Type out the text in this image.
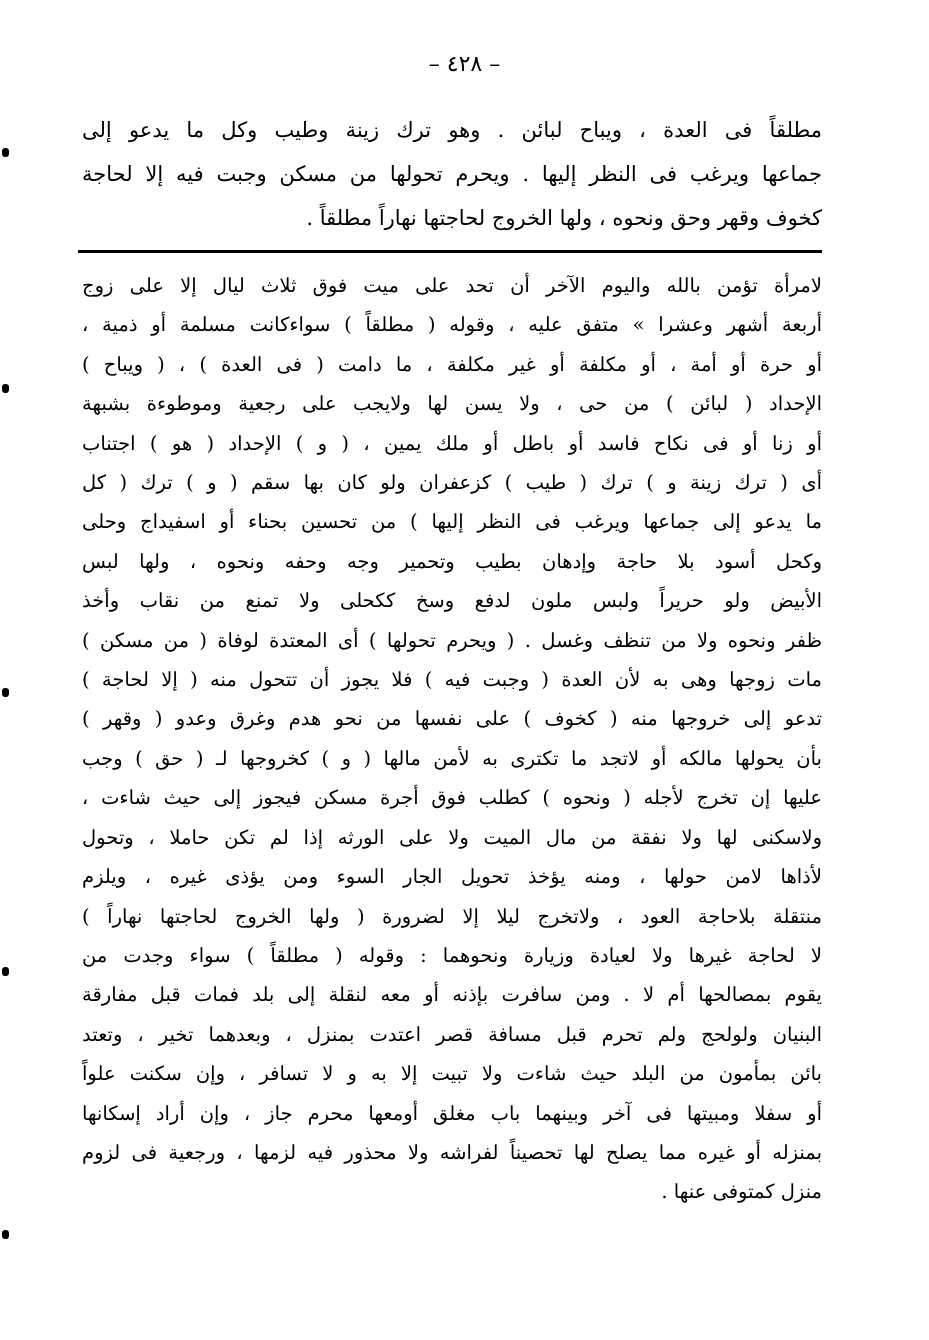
– ٤٢٨ –
مطلقاً فى العدة ، ويباح لبائن . وهو ترك زينة وطيب وكل ما يدعو إلى
جماعها ويرغب فى النظر إليها . ويحرم تحولها من مسكن وجبت فيه إلا لحاجة
كخوف وقهر وحق ونحوه ، ولها الخروج لحاجتها نهاراً مطلقاً .
لامرأة تؤمن بالله واليوم الآخر أن تحد على ميت فوق ثلاث ليال إلا على زوج
أربعة أشهر وعشرا » متفق عليه ، وقوله ( مطلقاً ) سواءكانت مسلمة أو ذمية ،
أو حرة أو أمة ، أو مكلفة أو غير مكلفة ، ما دامت ( فى العدة ) ، ( ويباح )
الإحداد ( لبائن ) من حى ، ولا يسن لها ولايجب على رجعية وموطوءة بشبهة
أو زنا أو فى نكاح فاسد أو باطل أو ملك يمين ، ( و ) الإحداد ( هو ) اجتناب
أى ( ترك زينة و ) ترك ( طيب ) كزعفران ولو كان بها سقم ( و ) ترك ( كل
ما يدعو إلى جماعها ويرغب فى النظر إليها ) من تحسين بحناء أو اسفيداج وحلى
وكحل أسود بلا حاجة وإدهان بطيب وتحمير وجه وحفه ونحوه ، ولها لبس
الأبيض ولو حريراً ولبس ملون لدفع وسخ ككحلى ولا تمنع من نقاب وأخذ
ظفر ونحوه ولا من تنظف وغسل . ( ويحرم تحولها ) أى المعتدة لوفاة ( من مسكن )
مات زوجها وهى به لأن العدة ( وجبت فيه ) فلا يجوز أن تتحول منه ( إلا لحاجة )
تدعو إلى خروجها منه ( كخوف ) على نفسها من نحو هدم وغرق وعدو ( وقهر )
بأن يحولها مالكه أو لاتجد ما تكترى به لأمن مالها ( و ) كخروجها لـ ( حق ) وجب
عليها إن تخرج لأجله ( ونحوه ) كطلب فوق أجرة مسكن فيجوز إلى حيث شاءت ،
ولاسكنى لها ولا نفقة من مال الميت ولا على الورثه إذا لم تكن حاملا ، وتحول
لأذاها لامن حولها ، ومنه يؤخذ تحويل الجار السوء ومن يؤذى غيره ، ويلزم
منتقلة بلاحاجة العود ، ولاتخرج ليلا إلا لضرورة ( ولها الخروج لحاجتها نهاراً )
لا لحاجة غيرها ولا لعيادة وزيارة ونحوهما : وقوله ( مطلقاً ) سواء وجدت من
يقوم بمصالحها أم لا . ومن سافرت بإذنه أو معه لنقلة إلى بلد فمات قبل مفارقة
البنيان ولولحج ولم تحرم قبل مسافة قصر اعتدت بمنزل ، وبعدهما تخير ، وتعتد
بائن بمأمون من البلد حيث شاءت ولا تبيت إلا به و لا تسافر ، وإن سكنت علواً
أو سفلا ومبيتها فى آخر وبينهما باب مغلق أومعها محرم جاز ، وإن أراد إسكانها
بمنزله أو غيره مما يصلح لها تحصيناً لفراشه ولا محذور فيه لزمها ، ورجعية فى لزوم
منزل كمتوفى عنها .
